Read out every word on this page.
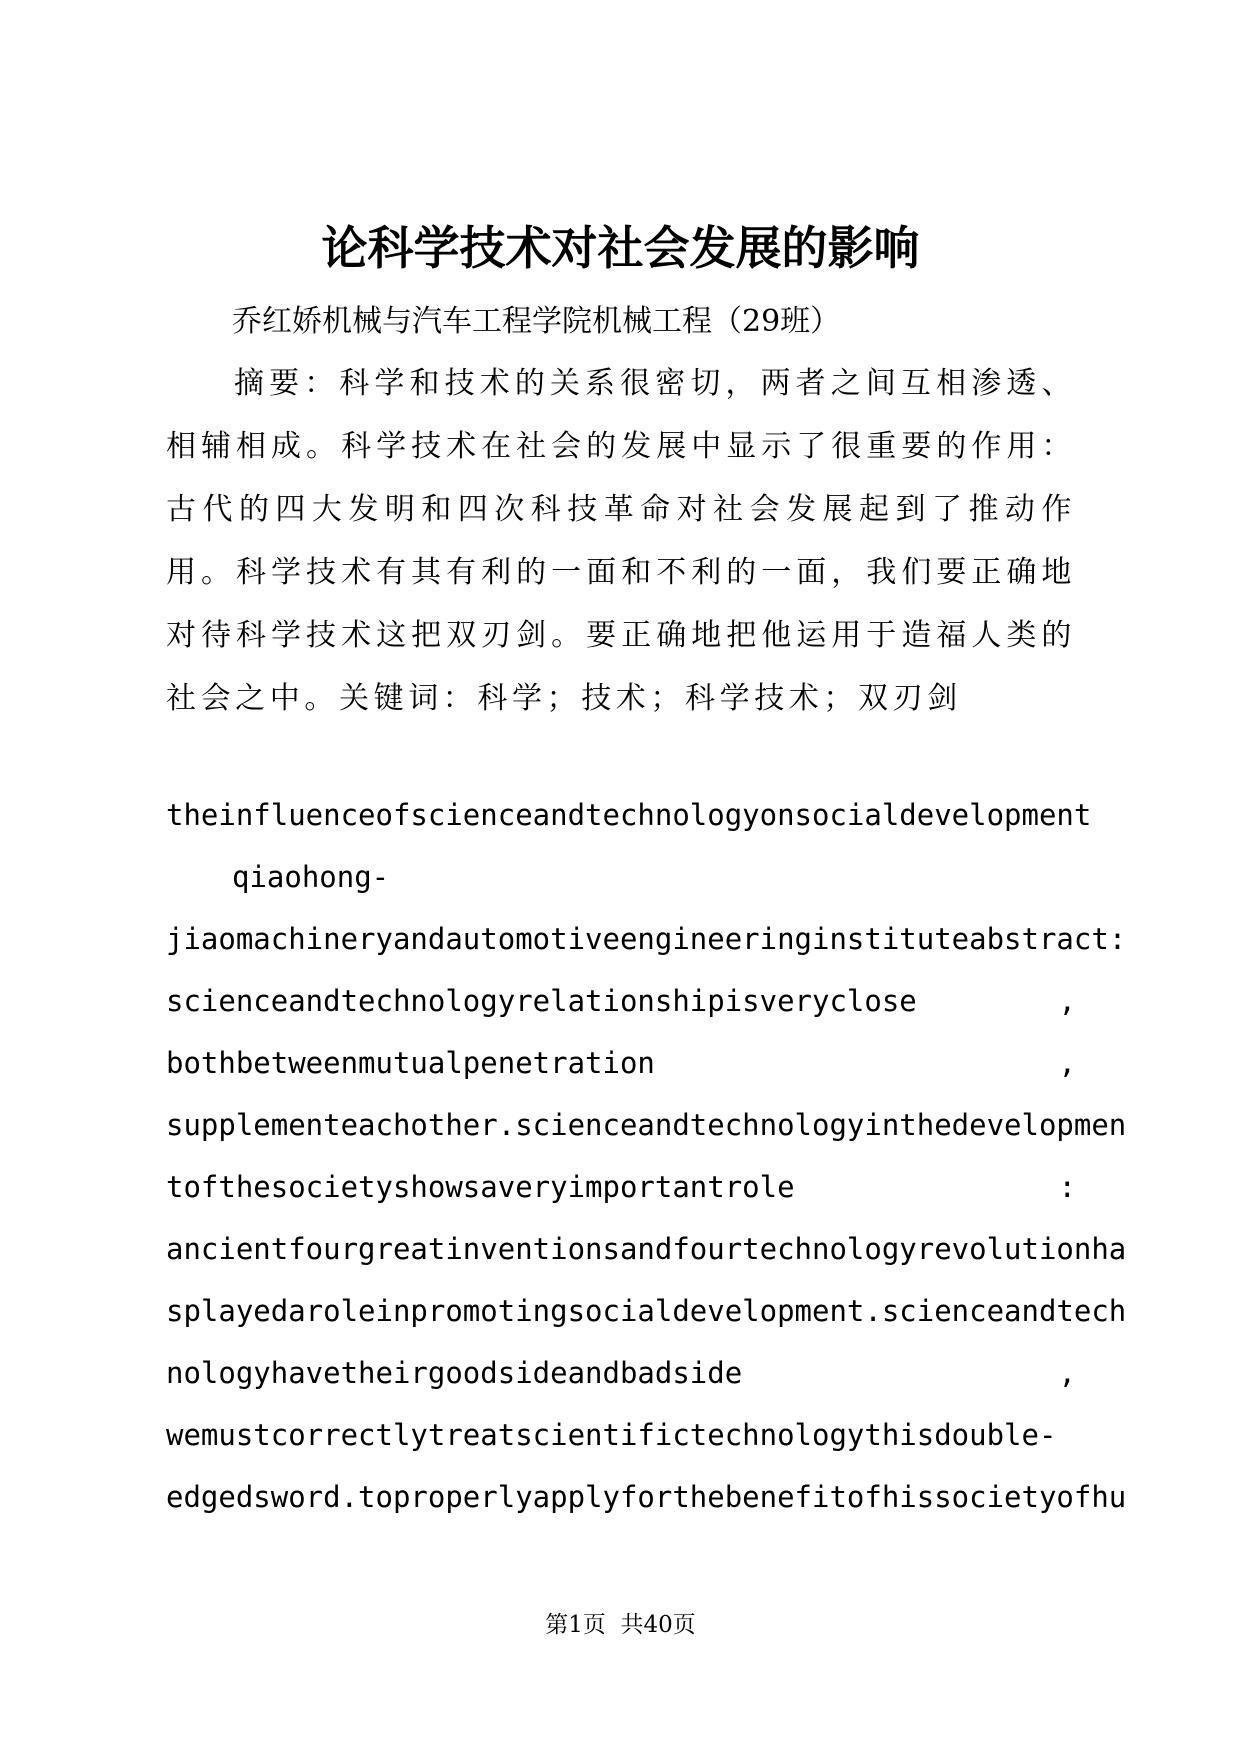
论科学技术对社会发展的影响
乔红娇机械与汽车工程学院机械工程（29班）
摘要：科学和技术的关系很密切，两者之间互相渗透、相辅相成。科学技术在社会的发展中显示了很重要的作用：古代的四大发明和四次科技革命对社会发展起到了推动作用。科学技术有其有利的一面和不利的一面，我们要正确地对待科学技术这把双刃剑。要正确地把他运用于造福人类的社会之中。关键词：科学；技术；科学技术；双刃剑
theinfluenceofscienceandtechnologyonsocialdevelopment
qiaohong-
jiaomachineryandautomotiveengineeringinstituteabstract:
scienceandtechnologyrelationshipisveryclose	,
bothbetweenmutualpenetration	,
supplementeachother.scienceandtechnologyinthedevelopmen
tofthesocietyshowsaveryimportantrole	:
ancientfourgreatinventionsandfourtechnologyrevolutionha
splayedaroleinpromotingsocialdevelopment.scienceandtech
nologyhavetheirgoodsideandbadside	,
wemustcorrectlytreatscientifictechnologythisdouble-
edgedsword.toproperlyapplyforthebenefitofhissocietyofhu
第1页  共40页
